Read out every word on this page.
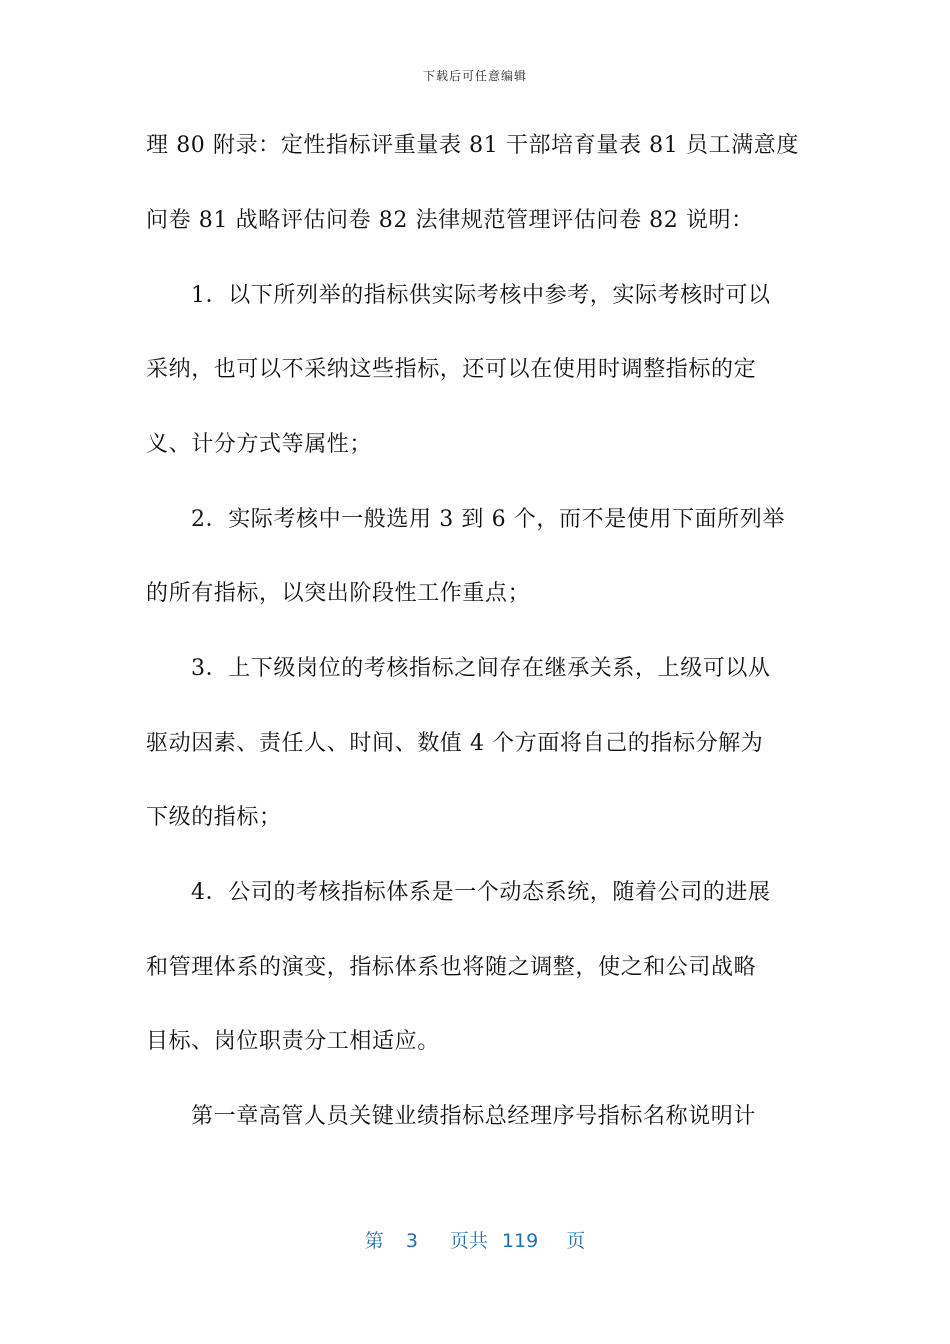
下载后可任意编辑
理 80 附录：定性指标评重量表 81 干部培育量表 81 员工满意度
问卷 81 战略评估问卷 82 法律规范管理评估问卷 82 说明：
1．以下所列举的指标供实际考核中参考，实际考核时可以
采纳，也可以不采纳这些指标，还可以在使用时调整指标的定
义、计分方式等属性；
2．实际考核中一般选用 3 到 6 个，而不是使用下面所列举
的所有指标，以突出阶段性工作重点；
3．上下级岗位的考核指标之间存在继承关系，上级可以从
驱动因素、责任人、时间、数值 4 个方面将自己的指标分解为
下级的指标；
4．公司的考核指标体系是一个动态系统，随着公司的进展
和管理体系的演变，指标体系也将随之调整，使之和公司战略
目标、岗位职责分工相适应。
第一章高管人员关键业绩指标总经理序号指标名称说明计
第 3 页共 119 页
